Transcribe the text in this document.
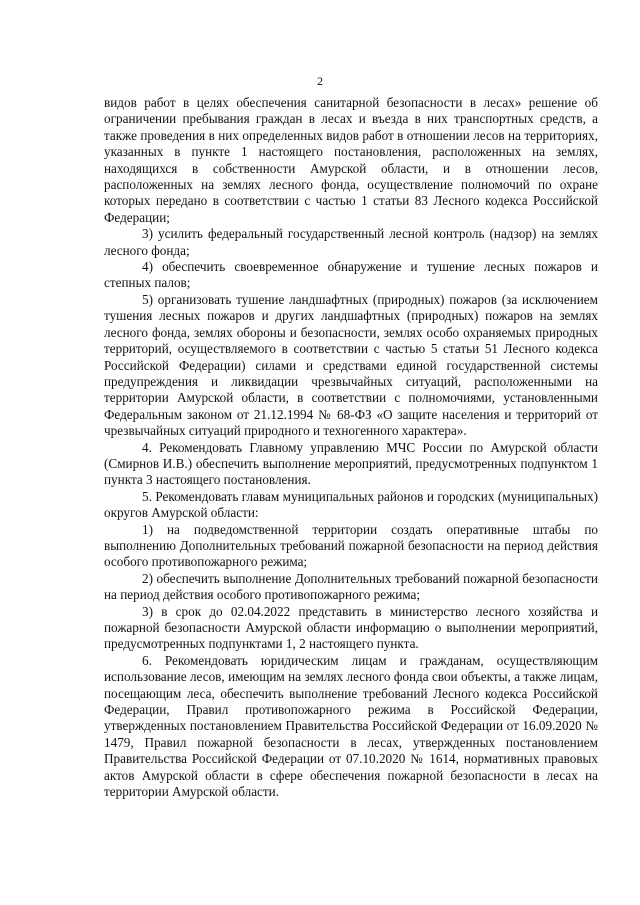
2

видов работ в целях обеспечения санитарной безопасности в лесах» решение об ограничении пребывания граждан в лесах и въезда в них транспортных средств, а также проведения в них определенных видов работ в отношении лесов на территориях, указанных в пункте 1 настоящего постановления, расположенных на землях, находящихся в собственности Амурской области, и в отношении лесов, расположенных на землях лесного фонда, осуществление полномочий по охране которых передано в соответствии с частью 1 статьи 83 Лесного кодекса Российской Федерации;

3) усилить федеральный государственный лесной контроль (надзор) на землях лесного фонда;

4) обеспечить своевременное обнаружение и тушение лесных пожаров и степных палов;

5) организовать тушение ландшафтных (природных) пожаров (за исключением тушения лесных пожаров и других ландшафтных (природных) пожаров на землях лесного фонда, землях обороны и безопасности, землях особо охраняемых природных территорий, осуществляемого в соответствии с частью 5 статьи 51 Лесного кодекса Российской Федерации) силами и средствами единой государственной системы предупреждения и ликвидации чрезвычайных ситуаций, расположенными на территории Амурской области, в соответствии с полномочиями, установленными Федеральным законом от 21.12.1994 № 68-ФЗ «О защите населения и территорий от чрезвычайных ситуаций природного и техногенного характера».

4. Рекомендовать Главному управлению МЧС России по Амурской области (Смирнов И.В.) обеспечить выполнение мероприятий, предусмотренных подпунктом 1 пункта 3 настоящего постановления.

5. Рекомендовать главам муниципальных районов и городских (муниципальных) округов Амурской области:

1) на подведомственной территории создать оперативные штабы по выполнению Дополнительных требований пожарной безопасности на период действия особого противопожарного режима;

2) обеспечить выполнение Дополнительных требований пожарной безопасности на период действия особого противопожарного режима;

3) в срок до 02.04.2022 представить в министерство лесного хозяйства и пожарной безопасности Амурской области информацию о выполнении мероприятий, предусмотренных подпунктами 1, 2 настоящего пункта.

6. Рекомендовать юридическим лицам и гражданам, осуществляющим использование лесов, имеющим на землях лесного фонда свои объекты, а также лицам, посещающим леса, обеспечить выполнение требований Лесного кодекса Российской Федерации, Правил противопожарного режима в Российской Федерации, утвержденных постановлением Правительства Российской Федерации от 16.09.2020 № 1479, Правил пожарной безопасности в лесах, утвержденных постановлением Правительства Российской Федерации от 07.10.2020 № 1614, нормативных правовых актов Амурской области в сфере обеспечения пожарной безопасности в лесах на территории Амурской области.
